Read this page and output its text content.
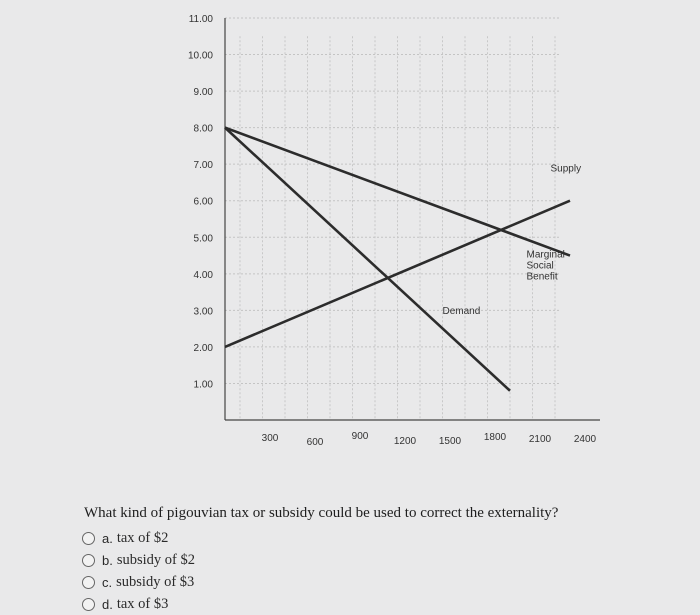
11.00
10.00
9.00
8.00
7.00
6.00
5.00
4.00
3.00
2.00
1.00
300	600
900	1200 1500 1800 2100 2400
Supply
Demand
Marginal
Social
Benefit
What kind of pigouvian tax or subsidy could be used to correct the externality?
a. tax of $2
b. subsidy of $2
c. subsidy of $3
d. tax of $3
